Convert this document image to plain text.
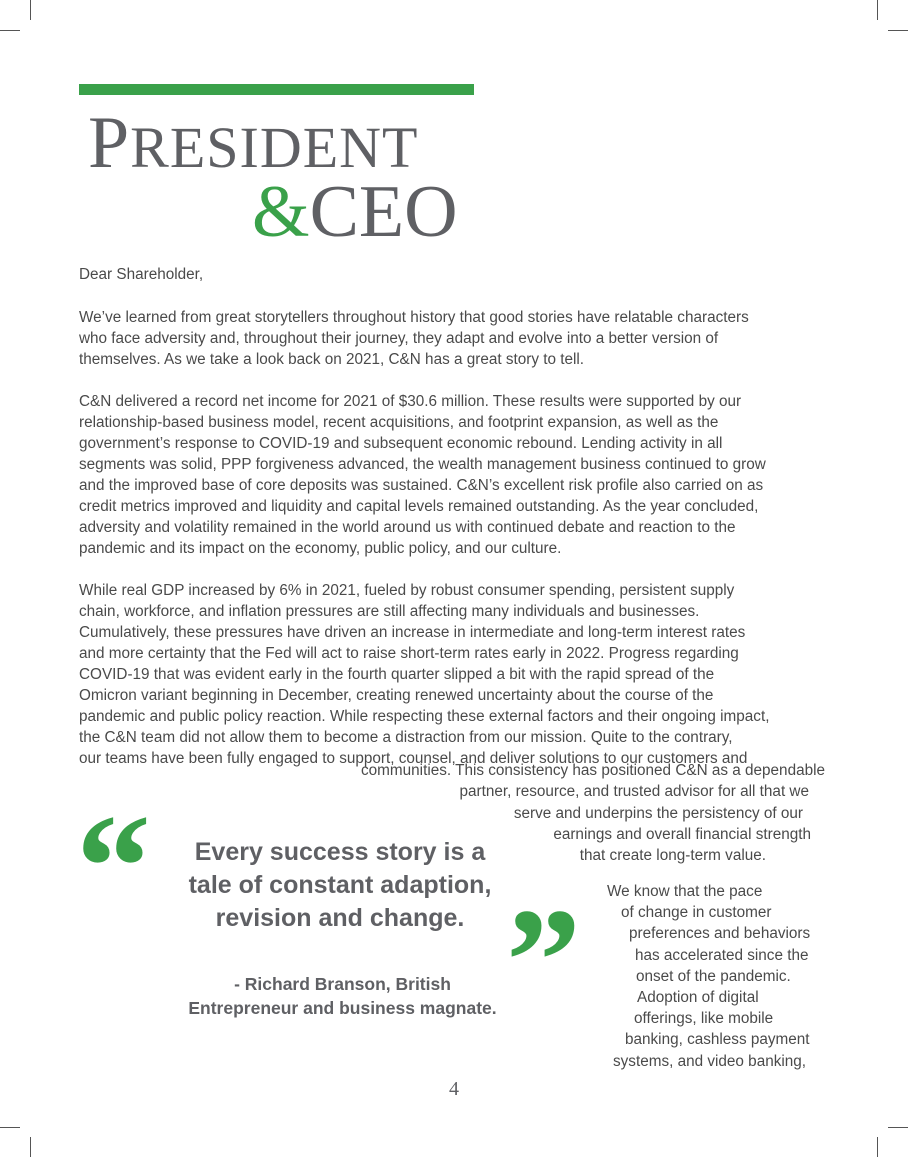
PRESIDENT
&CEO
Dear Shareholder,

We’ve learned from great storytellers throughout history that good stories have relatable characters
who face adversity and, throughout their journey, they adapt and evolve into a better version of
themselves. As we take a look back on 2021, C&N has a great story to tell.

C&N delivered a record net income for 2021 of $30.6 million. These results were supported by our
relationship-based business model, recent acquisitions, and footprint expansion, as well as the
government’s response to COVID-19 and subsequent economic rebound. Lending activity in all
segments was solid, PPP forgiveness advanced, the wealth management business continued to grow
and the improved base of core deposits was sustained. C&N’s excellent risk profile also carried on as
credit metrics improved and liquidity and capital levels remained outstanding. As the year concluded,
adversity and volatility remained in the world around us with continued debate and reaction to the
pandemic and its impact on the economy, public policy, and our culture.

While real GDP increased by 6% in 2021, fueled by robust consumer spending, persistent supply
chain, workforce, and inflation pressures are still affecting many individuals and businesses.
Cumulatively, these pressures have driven an increase in intermediate and long-term interest rates
and more certainty that the Fed will act to raise short-term rates early in 2022. Progress regarding
COVID-19 that was evident early in the fourth quarter slipped a bit with the rapid spread of the
Omicron variant beginning in December, creating renewed uncertainty about the course of the
pandemic and public policy reaction. While respecting these external factors and their ongoing impact,
the C&N team did not allow them to become a distraction from our mission. Quite to the contrary,
our teams have been fully engaged to support, counsel, and deliver solutions to our customers and

communities. This consistency has positioned C&N as a dependable
partner, resource, and trusted advisor for all that we
serve and underpins the persistency of our
earnings and overall financial strength
that create long-term value.
We know that the pace
of change in customer
preferences and behaviors
has accelerated since the
onset of the pandemic.
Adoption of digital
offerings, like mobile
banking, cashless payment
systems, and video banking,
“	Every success story is a
tale of constant adaption,
revision and change.
- Richard Branson, British
Entrepreneur and business magnate. ”
4
